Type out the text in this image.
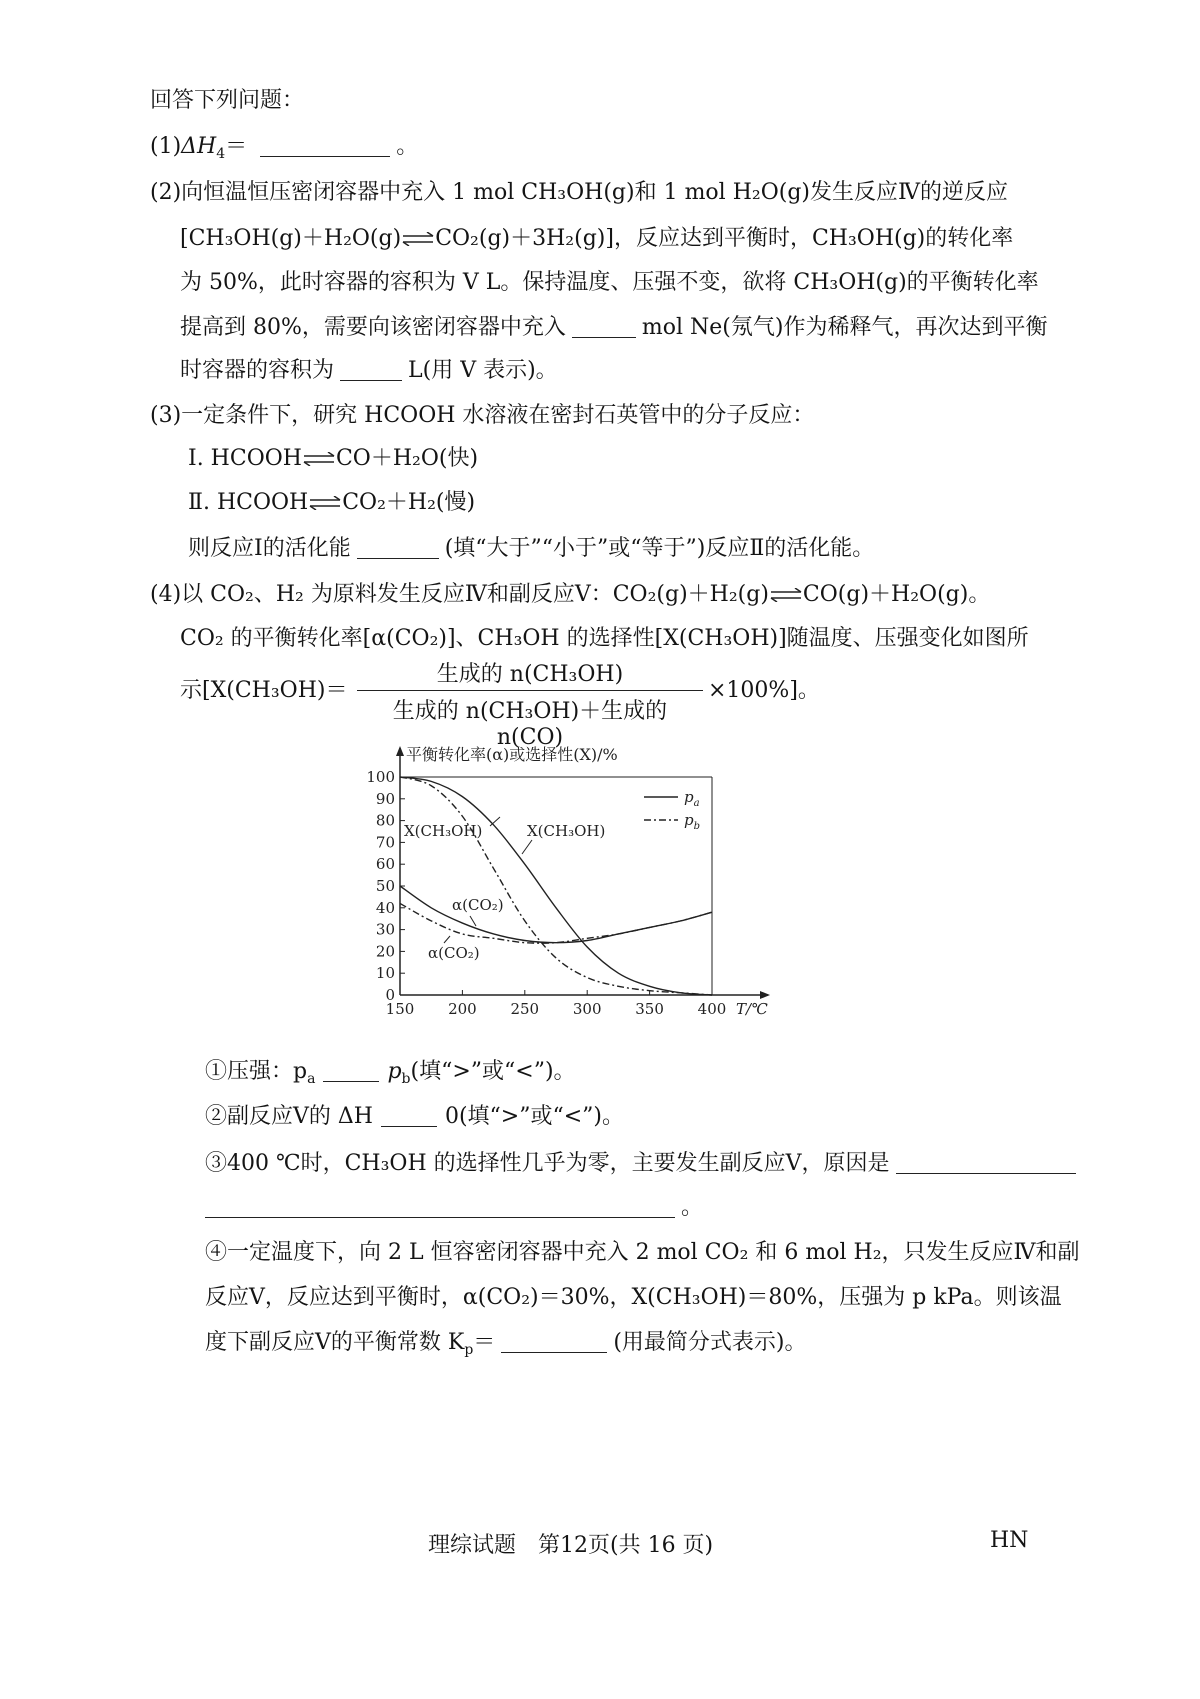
回答下列问题：
$(1)\Delta H_4=$	。
(2)向恒温恒压密闭容器中充入 1 mol CH₃OH(g)和 1 mol H₂O(g)发生反应Ⅳ的逆反应
[CH₃OH(g)＋H₂O(g)⇌CO₂(g)＋3H₂(g)]，反应达到平衡时，CH₃OH(g)的转化率
为 50%，此时容器的容积为 V L。保持温度、压强不变，欲将 CH₃OH(g)的平衡转化率
提高到 80%，需要向该密闭容器中充入	mol Ne(氖气)作为稀释气，再次达到平衡
时容器的容积为	L(用 V 表示)。
(3)一定条件下，研究 HCOOH 水溶液在密封石英管中的分子反应：
Ⅰ. HCOOH⇌CO＋H₂O(快)
Ⅱ. HCOOH⇌CO₂＋H₂(慢)
则反应Ⅰ的活化能	(填“大于”“小于”或“等于”)反应Ⅱ的活化能。
(4)以 CO₂、H₂ 为原料发生反应Ⅳ和副反应Ⅴ：CO₂(g)＋H₂(g)⇌CO(g)＋H₂O(g)。
CO₂ 的平衡转化率[α(CO₂)]、CH₃OH 的选择性[X(CH₃OH)]随温度、压强变化如图所
示[X(CH₃OH)＝
生成的 n(CH₃OH)
生成的 n(CH₃OH)＋生成的 n(CO)
×100%]。
0
10
20
30
40
50
60
70
80
90
100
150 200 250 300 350 400 T/℃
平衡转化率(α)或选择性(X)/%
$p_a$
$p_b$
X(CH₃OH)	X(CH₃OH)
α(CO₂)
α(CO₂)
①压强：$p_a$	$p_b$(填“>”或“<”)。
②副反应Ⅴ的 ΔH	0(填“>”或“<”)。
③400 ℃时，CH₃OH 的选择性几乎为零，主要发生副反应Ⅴ，原因是
。
④一定温度下，向 2 L 恒容密闭容器中充入 2 mol CO₂ 和 6 mol H₂，只发生反应Ⅳ和副
反应Ⅴ，反应达到平衡时，α(CO₂)＝30%，X(CH₃OH)＝80%，压强为 p kPa。则该温
度下副反应Ⅴ的平衡常数 $K_p=$	(用最简分式表示)。
理综试题　第12页(共 16 页)	HN
